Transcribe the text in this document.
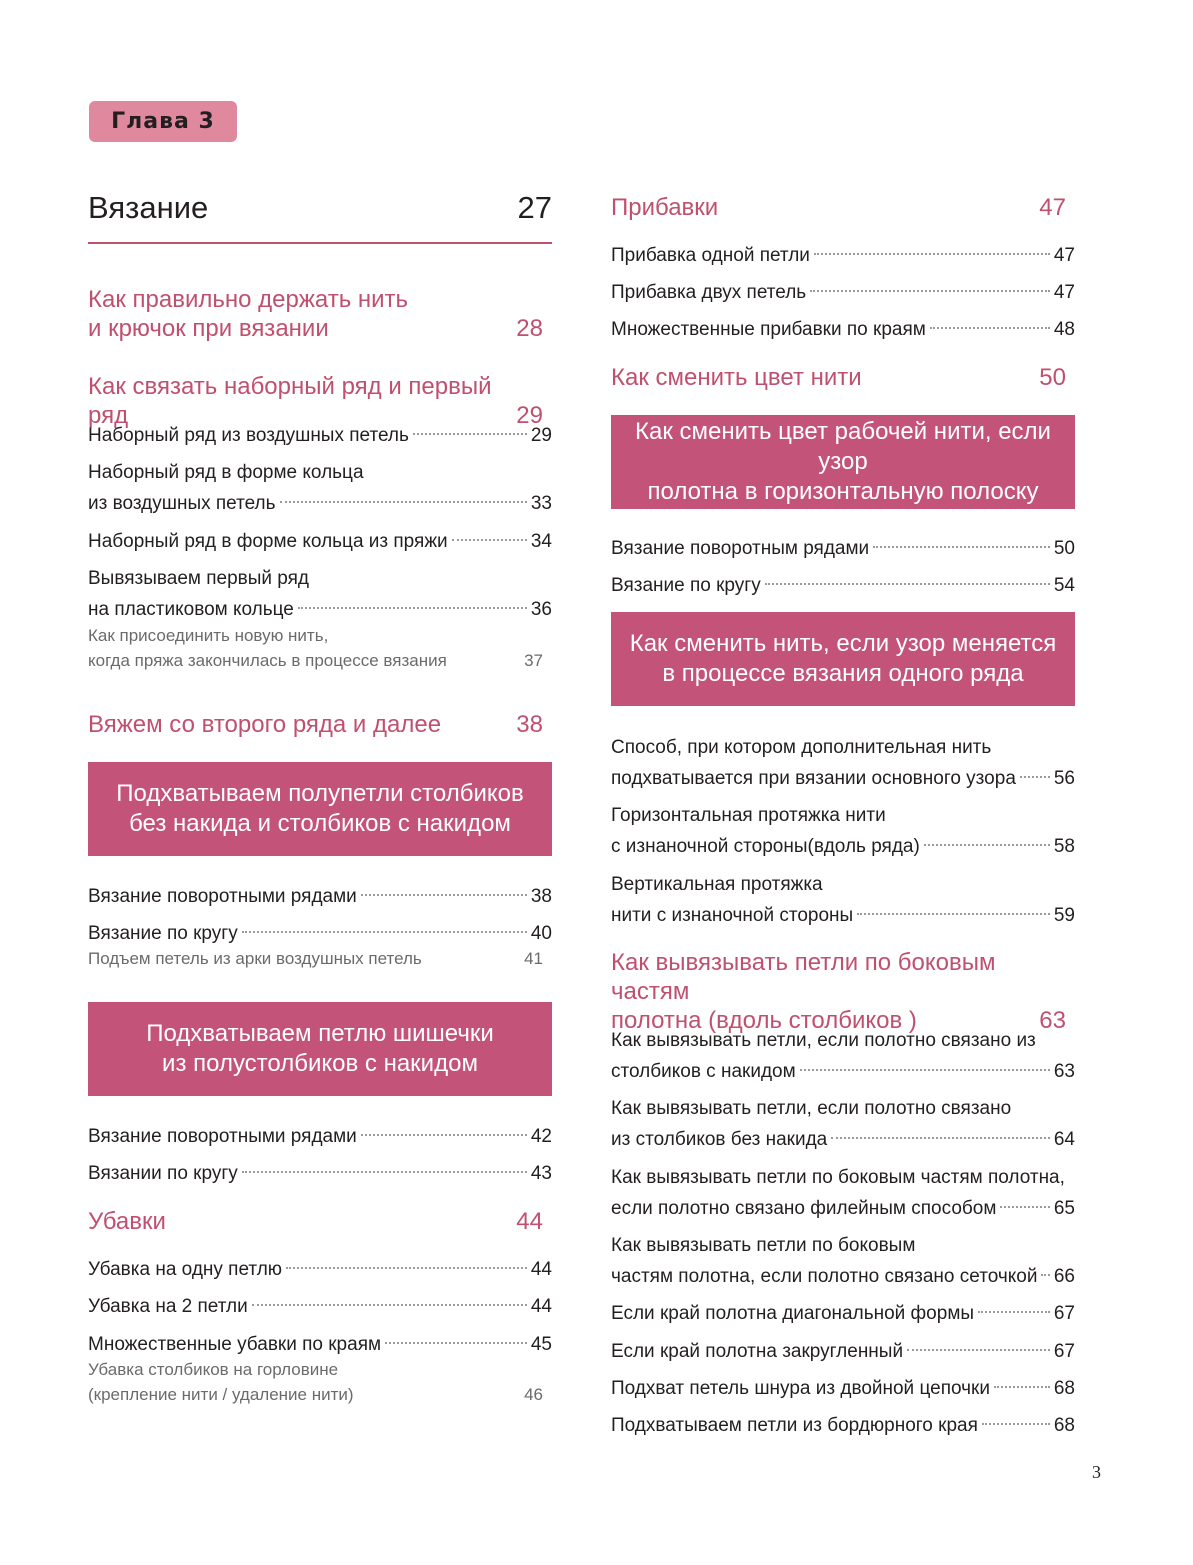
Глава 3
Вязание	27
Как правильно держать нить
и крючок при вязании	28
Как связать наборный ряд и первый ряд	29
Наборный ряд из воздушных петель	29
Наборный ряд в форме кольца
из воздушных петель	33
Наборный ряд в форме кольца из пряжи	34
Вывязываем первый ряд
на пластиковом кольце	36
Как присоединить новую нить,
когда пряжа закончилась в процессе вязания	37
Вяжем со второго ряда и далее	38
Подхватываем полупетли столбиков
без накида и столбиков с накидом
Вязание поворотными рядами	38
Вязание по кругу	40
Подъем петель из арки воздушных петель	41
Подхватываем петлю шишечки
из полустолбиков с накидом
Вязание поворотными рядами	42
Вязании по кругу	43
Убавки	44
Убавка на одну петлю	44
Убавка на 2 петли	44
Множественные убавки по краям	45
Убавка столбиков на горловине
(крепление нити / удаление нити)	46
Прибавки	47
Прибавка одной петли	47
Прибавка двух петель	47
Множественные прибавки по краям	48
Как сменить цвет нити	50
Как сменить цвет рабочей нити, если узор
полотна в горизонтальную полоску
Вязание поворотным рядами	50
Вязание по кругу	54
Как сменить нить, если узор меняется
в процессе вязания одного ряда
Способ, при котором дополнительная нить
подхватывается при вязании основного узора 56
Горизонтальная протяжка нити
с изнаночной стороны(вдоль ряда)	58
Вертикальная протяжка
нити с изнаночной стороны	59
Как вывязывать петли по боковым частям
полотна (вдоль столбиков )	63
Как вывязывать петли, если полотно связано из
столбиков с накидом	63
Как вывязывать петли, если полотно связано
из столбиков без накида	64
Как вывязывать петли по боковым частям полотна,
если полотно связано филейным способом	65
Как вывязывать петли по боковым
частям полотна, если полотно связано сеточкой 66
Если край полотна диагональной формы	67
Если край полотна закругленный	67
Подхват петель шнура из двойной цепочки	68
Подхватываем петли из бордюрного края	68
3
